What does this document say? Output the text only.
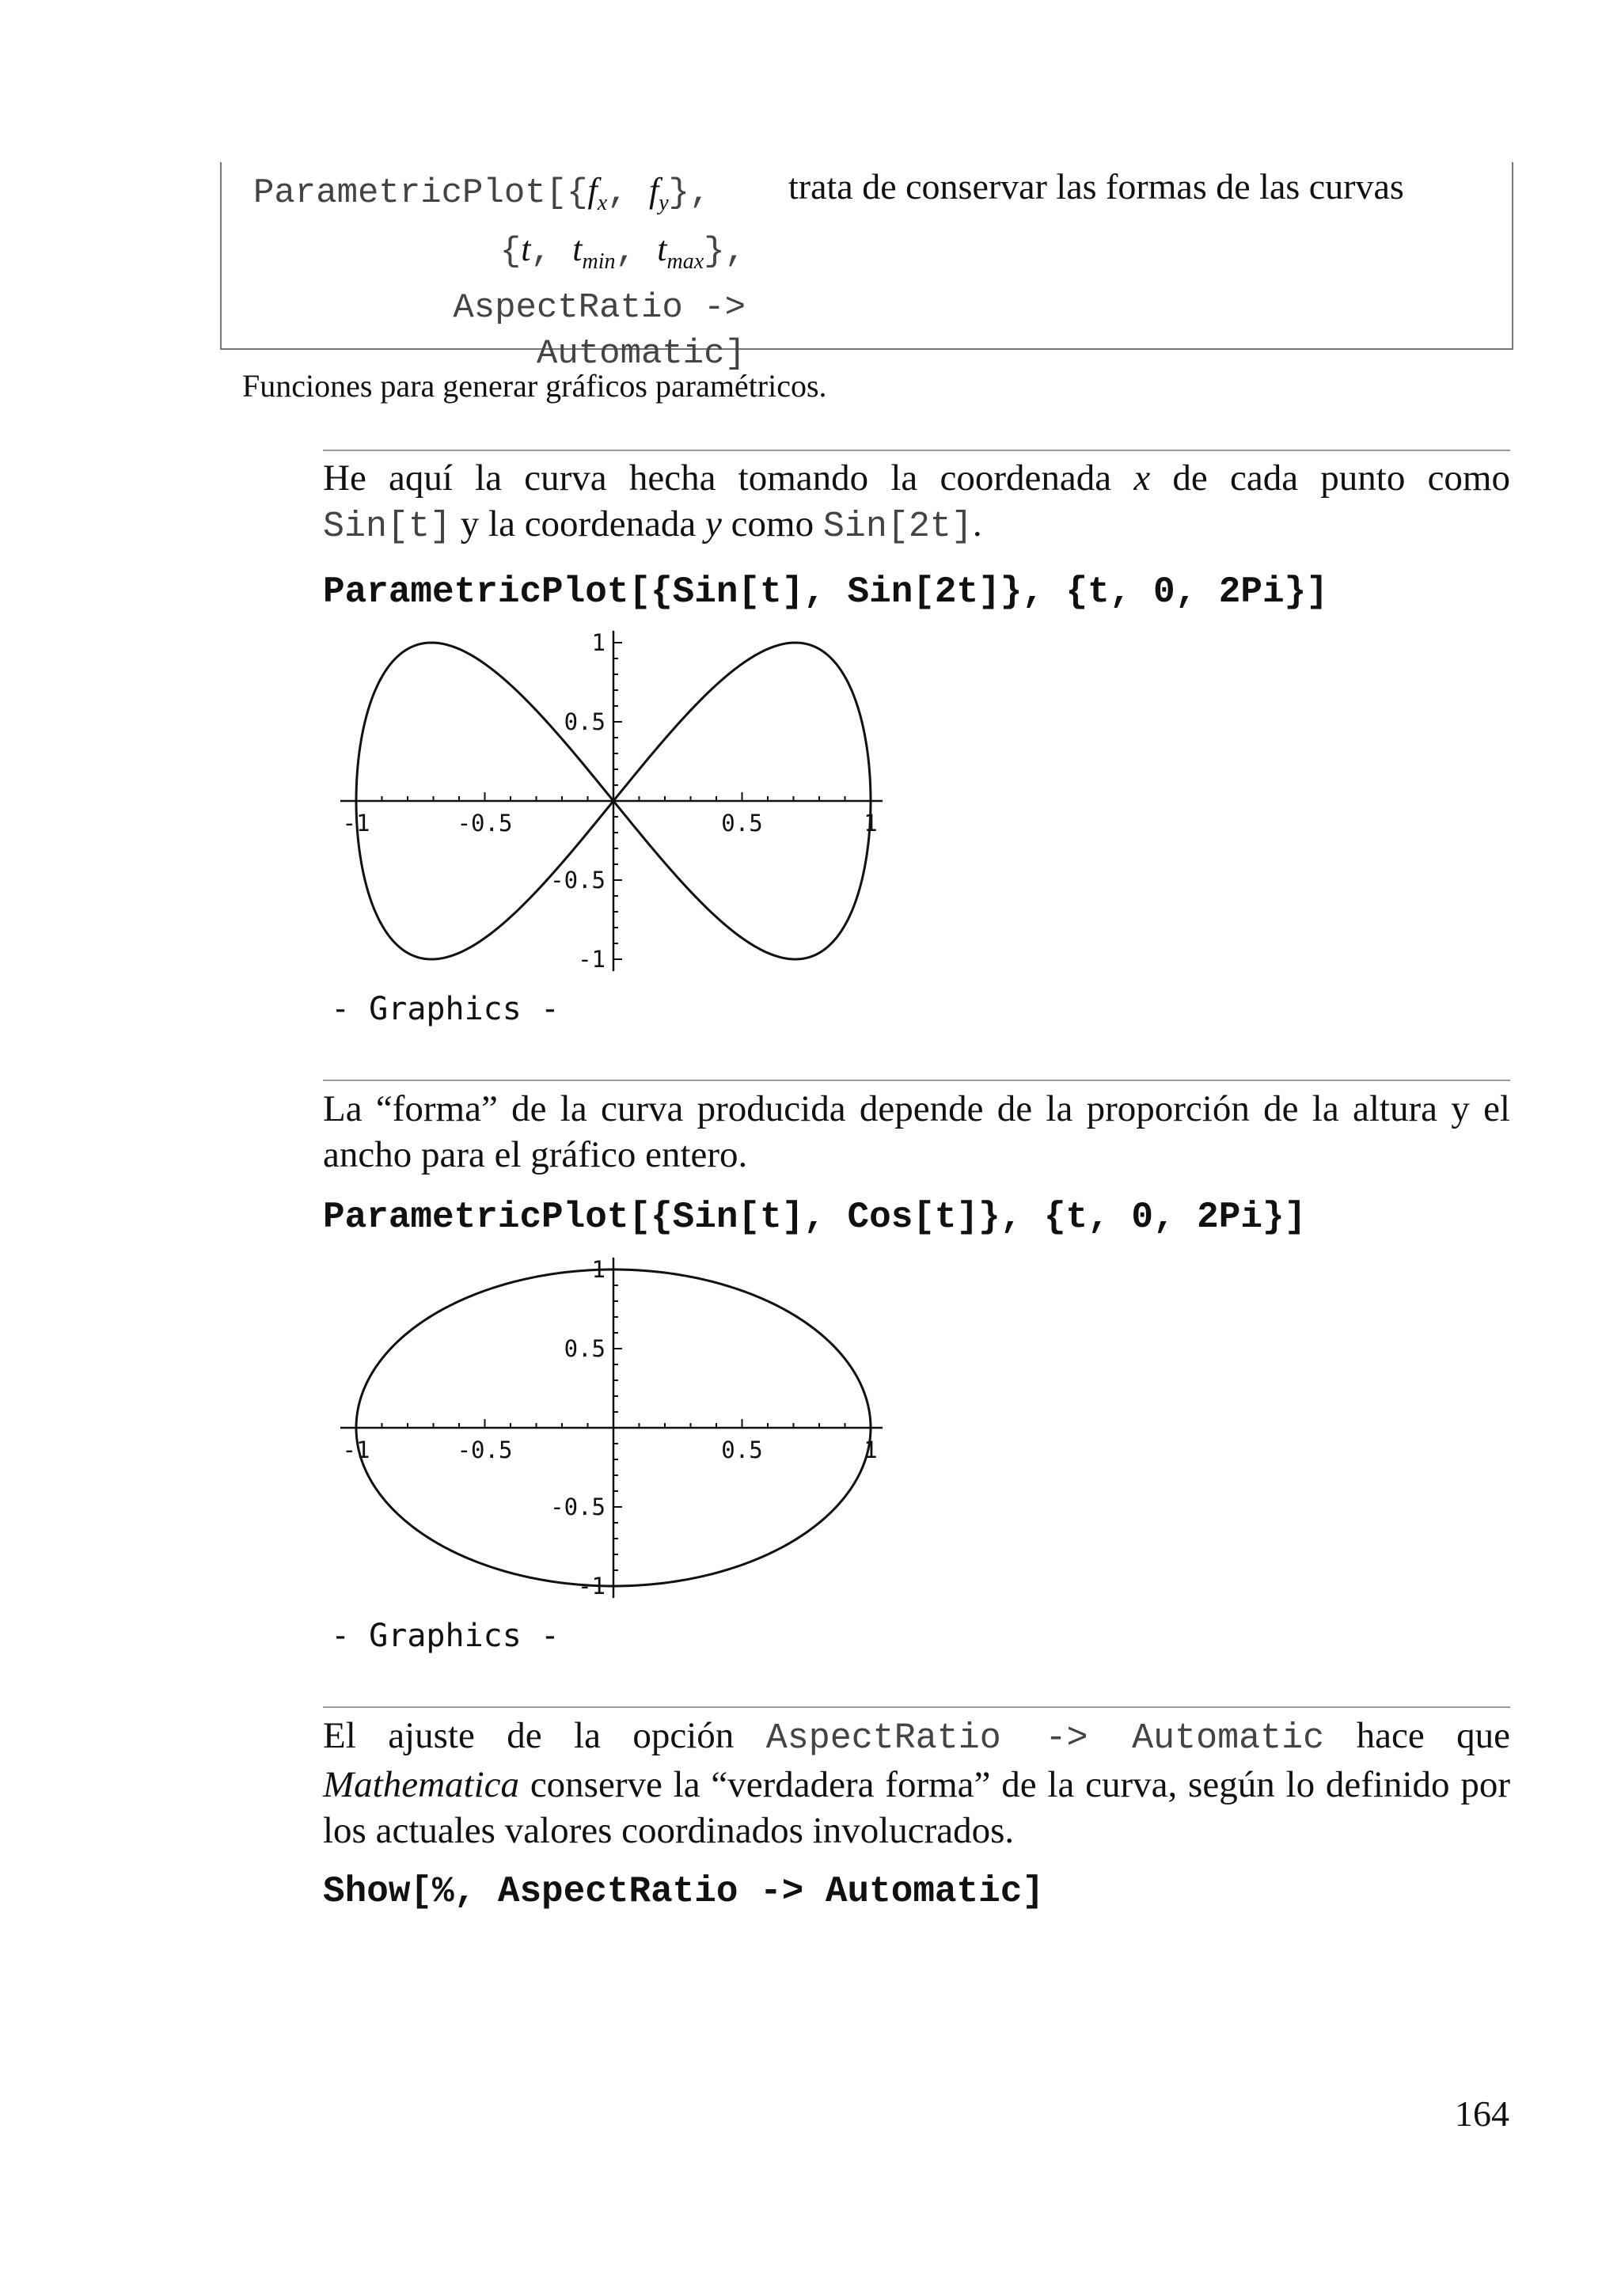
$ParametricPlot[\{f_x$, $f_y$},
{t, $t_{min}$, $t_{max}$},
AspectRatio ->
Automatic]
trata de conservar las formas de las curvas
Funciones para generar gráficos paramétricos.
He aquí la curva hecha tomando la coordenada x de cada punto como
Sin[t] y la coordenada y como Sin[2t].
ParametricPlot[{Sin[t], Sin[2t]}, {t, 0, 2Pi}]
-1	-0.5	0.5	1
-1
-0.5
0.5
1
- Graphics -
La “forma” de la curva producida depende de la proporción de la altura y el ancho para el gráfico entero.
ParametricPlot[{Sin[t], Cos[t]}, {t, 0, 2Pi}]
-1	-0.5	0.5	1
-1
-0.5
0.5
1
- Graphics -
El ajuste de la opción AspectRatio -> Automatic hace que
Mathematica conserve la “verdadera forma” de la curva, según lo definido por los actuales valores coordinados involucrados.
Show[%, AspectRatio -> Automatic]
164
